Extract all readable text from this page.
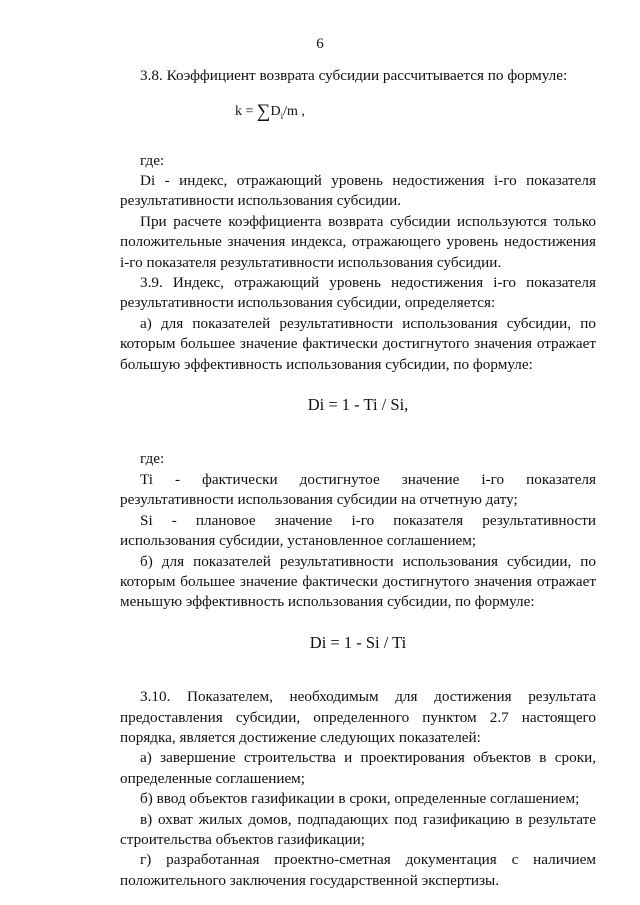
6

3.8. Коэффициент возврата субсидии рассчитывается по формуле:

$k = \sum D_i/m$ ,

где:

Di - индекс, отражающий уровень недостижения i-го показателя результативности использования субсидии.

При расчете коэффициента возврата субсидии используются только положительные значения индекса, отражающего уровень недостижения i-го показателя результативности использования субсидии.

3.9. Индекс, отражающий уровень недостижения i-го показателя результативности использования субсидии, определяется:

а) для показателей результативности использования субсидии, по которым большее значение фактически достигнутого значения отражает большую эффективность использования субсидии, по формуле:

Di = 1 - Ti / Si,

где:

Ti - фактически достигнутое значение i-го показателя результативности использования субсидии на отчетную дату;

Si - плановое значение i-го показателя результативности использования субсидии, установленное соглашением;

б) для показателей результативности использования субсидии, по которым большее значение фактически достигнутого значения отражает меньшую эффективность использования субсидии, по формуле:

Di = 1 - Si / Ti

3.10. Показателем, необходимым для достижения результата предоставления субсидии, определенного пунктом 2.7 настоящего порядка, является достижение следующих показателей:

а) завершение строительства и проектирования объектов в сроки, определенные соглашением;

б) ввод объектов газификации в сроки, определенные соглашением;

в) охват жилых домов, подпадающих под газификацию в результате строительства объектов газификации;

г) разработанная проектно-сметная документация с наличием положительного заключения государственной экспертизы.
